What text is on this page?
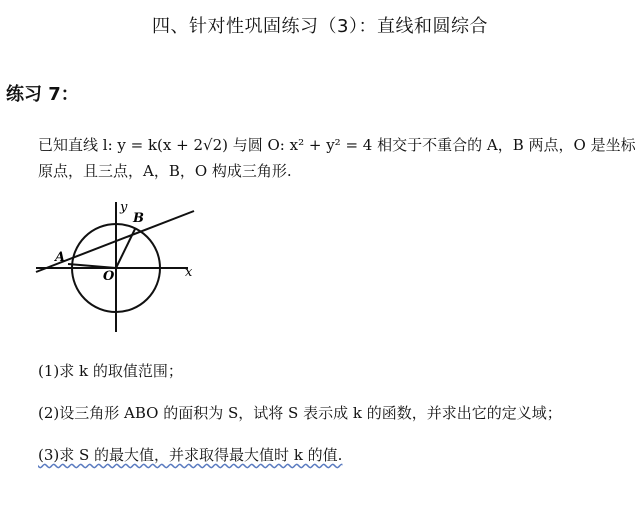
四、针对性巩固练习（3）：直线和圆综合
练习 7：

已知直线 l: y = k(x + 2√2) 与圆 O: x² + y² = 4 相交于不重合的 A，B 两点，O 是坐标原点，且三点，A，B，O 构成三角形.

x
y
A
B
O
(1)求 k 的取值范围；
(2)设三角形 ABO 的面积为 S，试将 S 表示成 k 的函数，并求出它的定义域；
(3)求 S 的最大值，并求取得最大值时 k 的值.
